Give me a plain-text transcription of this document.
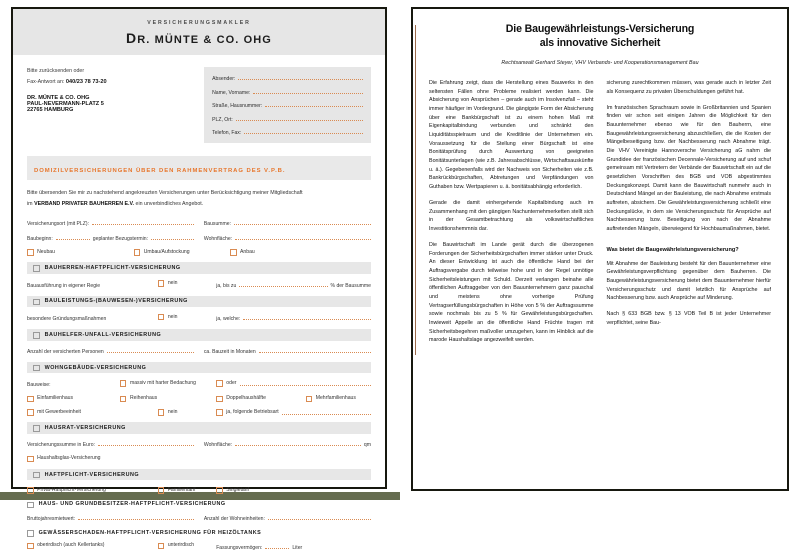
VERSICHERUNGSMAKLER
DR. MÜNTE & CO. OHG
Bitte zurücksenden oder
Fax-Antwort an: 040/23 78 73-20
DR. MÜNTE & CO. OHG
PAUL-NEVERMANN-PLATZ 5
22765 HAMBURG
Absender:
Name, Vorname:
Straße, Hausnummer:
PLZ, Ort:
Telefon, Fax:
DOMIZILVERSICHERUNGEN ÜBER DEN RAHMENVERTRAG DES V.P.B.
Bitte übersenden Sie mir zu nachstehend angekreuzten Versicherungen unter Berücksichtigung meiner Mitgliedschaft
im VERBAND PRIVATER BAUHERREN E.V. ein unverbindliches Angebot.
Versicherungsort (mit PLZ):	Bausumme:
Baubeginn:	geplanter Bezugstermin:	Wohnfläche:
Neubau	Umbau/Aufstockung	Anbau
BAUHERREN-HAFTPFLICHT-VERSICHERUNG
Bauausführung in eigener Regie	nein	ja, bis zu	% der Bausumme
BAULEISTUNGS-(BAUWESEN-)VERSICHERUNG
besondere Gründungsmaßnahmen	nein	ja, welche:
BAUHELFER-UNFALL-VERSICHERUNG
Anzahl der versicherten Personen	ca. Bauzeit in Monaten
WOHNGEBÄUDE-VERSICHERUNG
Bauweise:	massiv mit harter Bedachung	oder
Einfamilienhaus	Reihenhaus	Doppelhaushälfte	Mehrfamilienhaus
mit Gewerbeeinheit	nein	ja, folgende Betriebsart
HAUSRAT-VERSICHERUNG
Versicherungssumme in Euro:	Wohnfläche:	qm
Haushaltsglas-Versicherung
HAFTPFLICHT-VERSICHERUNG
Privat-Haftpflicht-Versicherung	Familientarif	Singletarif
HAUS- UND GRUNDBESITZER-HAFTPFLICHT-VERSICHERUNG
Bruttojahresmietwert:	Anzahl der Wohneinheiten:
GEWÄSSERSCHADEN-HAFTPFLICHT-VERSICHERUNG FÜR HEIZÖLTANKS
oberirdisch (auch Kellertanks)	unterirdisch	Fassungsvermögen:	Liter
Die Baugewährleistungs-Versicherung
als innovative Sicherheit
Rechtsanwalt Gerhard Steyer, VHV Verbands- und Kooperationsmanagement Bau

Die Erfahrung zeigt, dass die Herstellung eines Bauwerks in den seltensten Fällen ohne Probleme realisiert werden kann. Die Absicherung von Ansprüchen – gerade auch im Insolvenzfall – steht immer häufiger im Vordergrund. Die gängigste Form der Absicherung über eine Bankbürgschaft ist zu einem hohen Maß mit Eigenkapitalbindung verbunden und schränkt den Liquiditätsspielraum und die Kreditlinie der Unternehmen ein. Voraussetzung für die Stellung einer Bürgschaft ist eine Bonitätsprüfung durch Auswertung von geeigneten Bonitätsunterlagen (wie z.B. Jahresabschlüsse, Wirtschaftsauskünfte u. ä.). Gegebenenfalls wird der Nachweis von Sicherheiten wie z.B. Bankrückbürgschaften, Abtretungen und Verpfändungen von Guthaben bzw. Wertpapieren u. ä. bonitätsabhängig erforderlich.

Gerade die damit einhergehende Kapitalbindung auch im Zusammenhang mit den gängigen Nachunternehmerketten stellt sich in der Gesamtbetrachtung als volkswirtschaftliches Investitionshemmnis dar.

Die Bauwirtschaft im Lande gerät durch die überzogenen Forderungen der Sicherheitsbürgschaften immer stärker unter Druck. An dieser Entwicklung ist auch die öffentliche Hand bei der Auftragsvergabe durch teilweise hohe und in der Regel unnötige Sicherheitsleistungen mit Schuld. Derzeit verlangen beinahe alle öffentlichen Auftraggeber von den Bauunternehmern ganz pauschal und meistens ohne vorherige Prüfung Vertragserfüllungsbürgschaften in Höhe von 5 % der Auftragssumme sowie nochmals bis zu 5 % für Gewährleistungsbürgschaften. Inwieweit Appelle an die öffentliche Hand Früchte tragen mit Sicherheitsbegehren maßvoller umzugehen, kann im Hinblick auf die marode Haushaltslage angezweifelt werden.

sicherung zurechtkommen müssen, was gerade auch in letzter Zeit als Konsequenz zu privaten Überschuldungen geführt hat.

Im französischen Sprachraum sowie in Großbritannien und Spanien finden wir schon seit einigen Jahren die Möglichkeit für den Bauunternehmer ebenso wie für den Bauherrn, eine Baugewährleistungsversicherung abzuschließen, die die Kosten der Mängelbeseitigung bzw. der Nachbesserung nach Abnahme trägt. Die VHV Vereinigte Hannoversche Versicherung aG nahm die Grundidee der französischen Decennale-Versicherung auf und schuf gemeinsam mit Vertretern der Verbände der Bauwirtschaft ein auf die gesetzlichen Vorschriften des BGB und VOB abgestimmtes Deckungskonzept. Damit kann die Bauwirtschaft nunmehr auch in Deutschland Mängel an der Bauleistung, die nach Abnahme erstmals auftreten, absichern. Die Gewährleistungsversicherung schließt eine Deckungslücke, in dem sie Versicherungsschutz für Ansprüche auf Nachbesserung bzw. Beseitigung von nach der Abnahme auftretenden Mängeln, überwiegend für Hochbaumaßnahmen, bietet.

Was bietet die Baugewährleistungsversicherung?

Mit Abnahme der Bauleistung besteht für den Bauunternehmer eine Gewährleistungsverpflichtung gegenüber dem Bauherren. Die Baugewährleistungsversicherung bietet dem Bauunternehmer hierfür Versicherungsschutz und damit letztlich für Ansprüche auf Nachbesserung bzw. auch Ansprüche auf Minderung.

Nach § 633 BGB bzw. § 13 VOB Teil B ist jeder Unternehmer verpflichtet, seine Bau-
